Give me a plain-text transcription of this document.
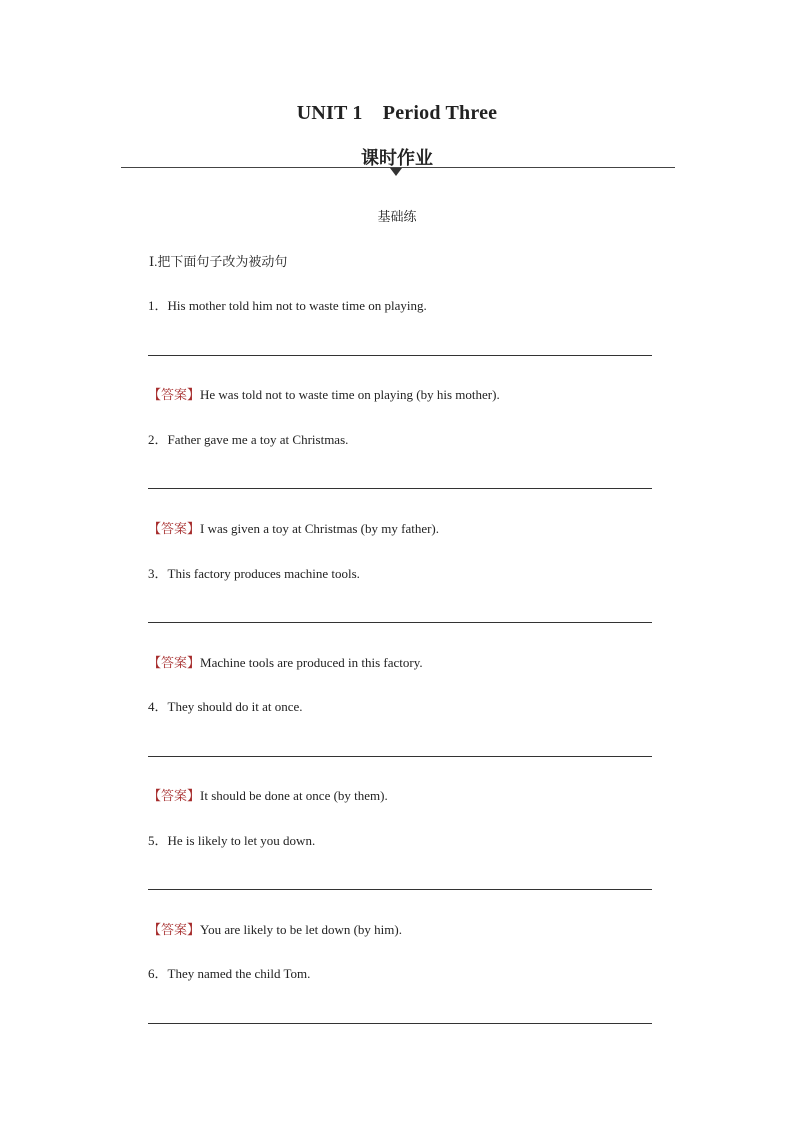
UNIT 1　Period Three
课时作业
基础练
Ⅰ.把下面句子改为被动句
1．His mother told him not to waste time on playing.
【答案】He was told not to waste time on playing (by his mother).
2．Father gave me a toy at Christmas.
【答案】I was given a toy at Christmas (by my father).
3．This factory produces machine tools.
【答案】Machine tools are produced in this factory.
4．They should do it at once.
【答案】It should be done at once (by them).
5．He is likely to let you down.
【答案】You are likely to be let down (by him).
6．They named the child Tom.
